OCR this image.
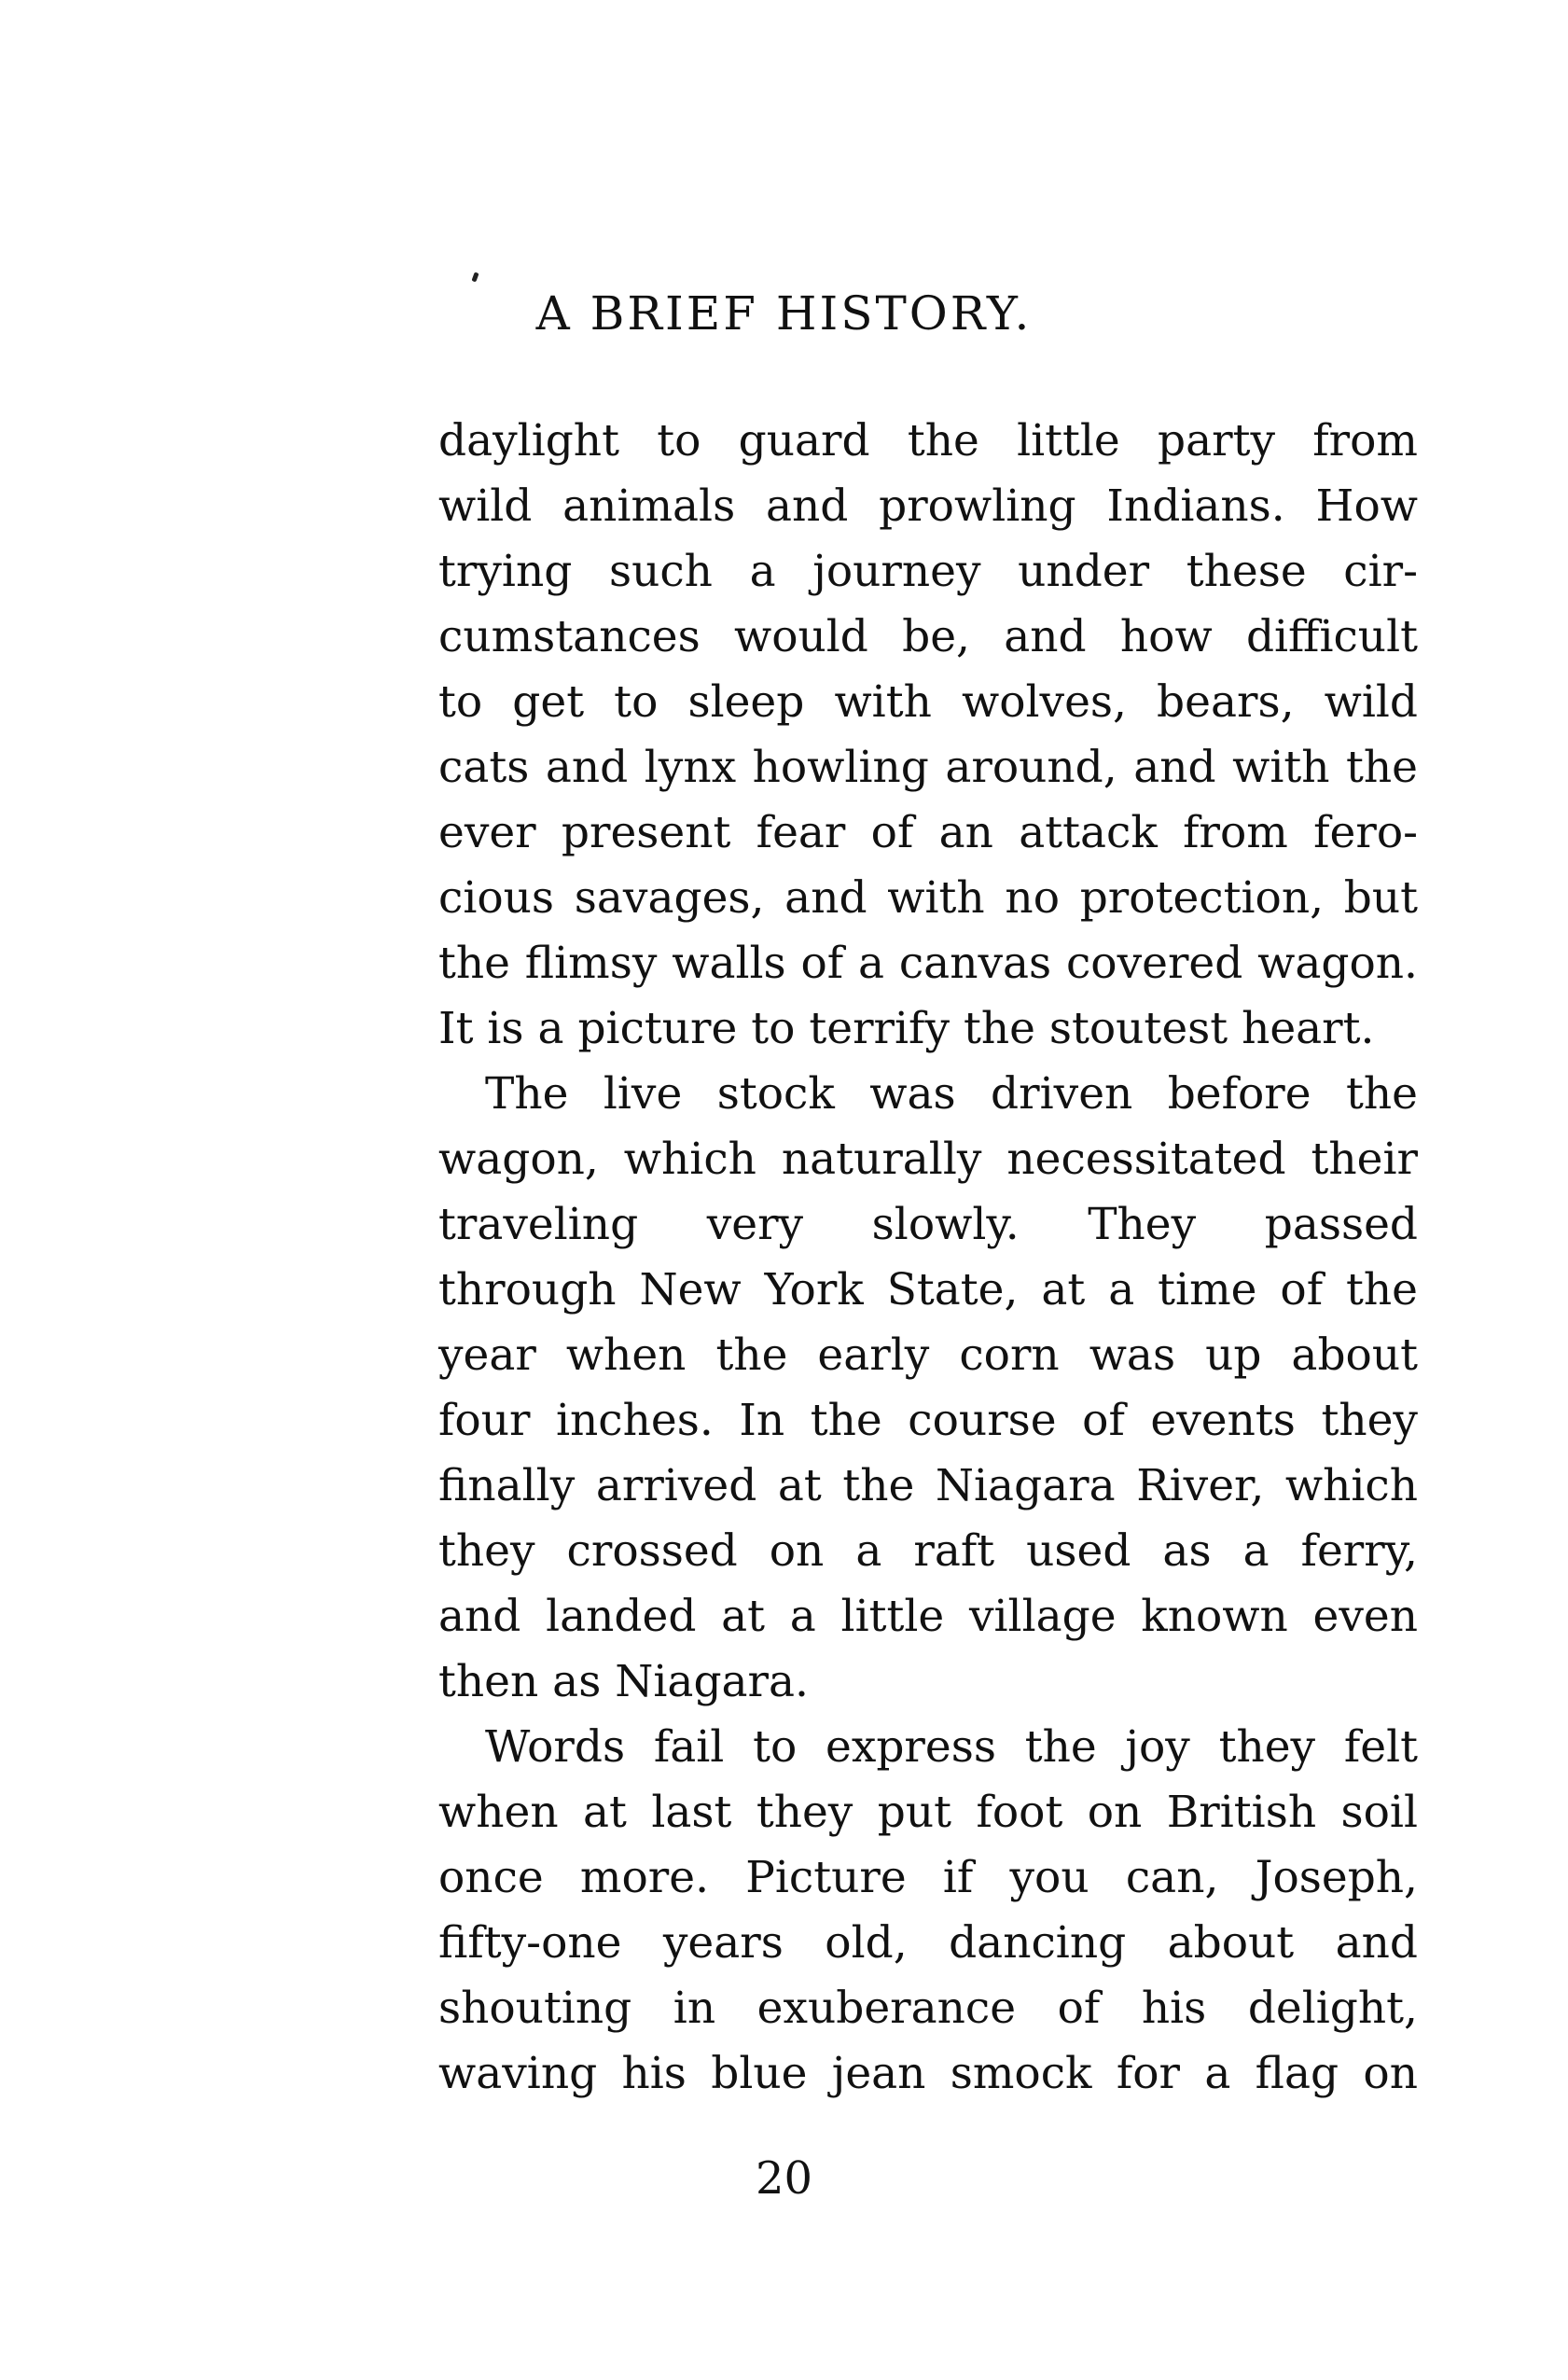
A BRIEF HISTORY.
daylight to guard the little party from
wild animals and prowling Indians. How
trying such a journey under these cir-
cumstances would be, and how difficult
to get to sleep with wolves, bears, wild
cats and lynx howling around, and with the
ever present fear of an attack from fero-
cious savages, and with no protection, but
the flimsy walls of a canvas covered wagon.
It is a picture to terrify the stoutest heart.
The live stock was driven before the
wagon, which naturally necessitated their
traveling very slowly. They passed
through New York State, at a time of the
year when the early corn was up about
four inches. In the course of events they
finally arrived at the Niagara River, which
they crossed on a raft used as a ferry,
and landed at a little village known even
then as Niagara.
Words fail to express the joy they felt
when at last they put foot on British soil
once more. Picture if you can, Joseph,
fifty-one years old, dancing about and
shouting in exuberance of his delight,
waving his blue jean smock for a flag on
20
